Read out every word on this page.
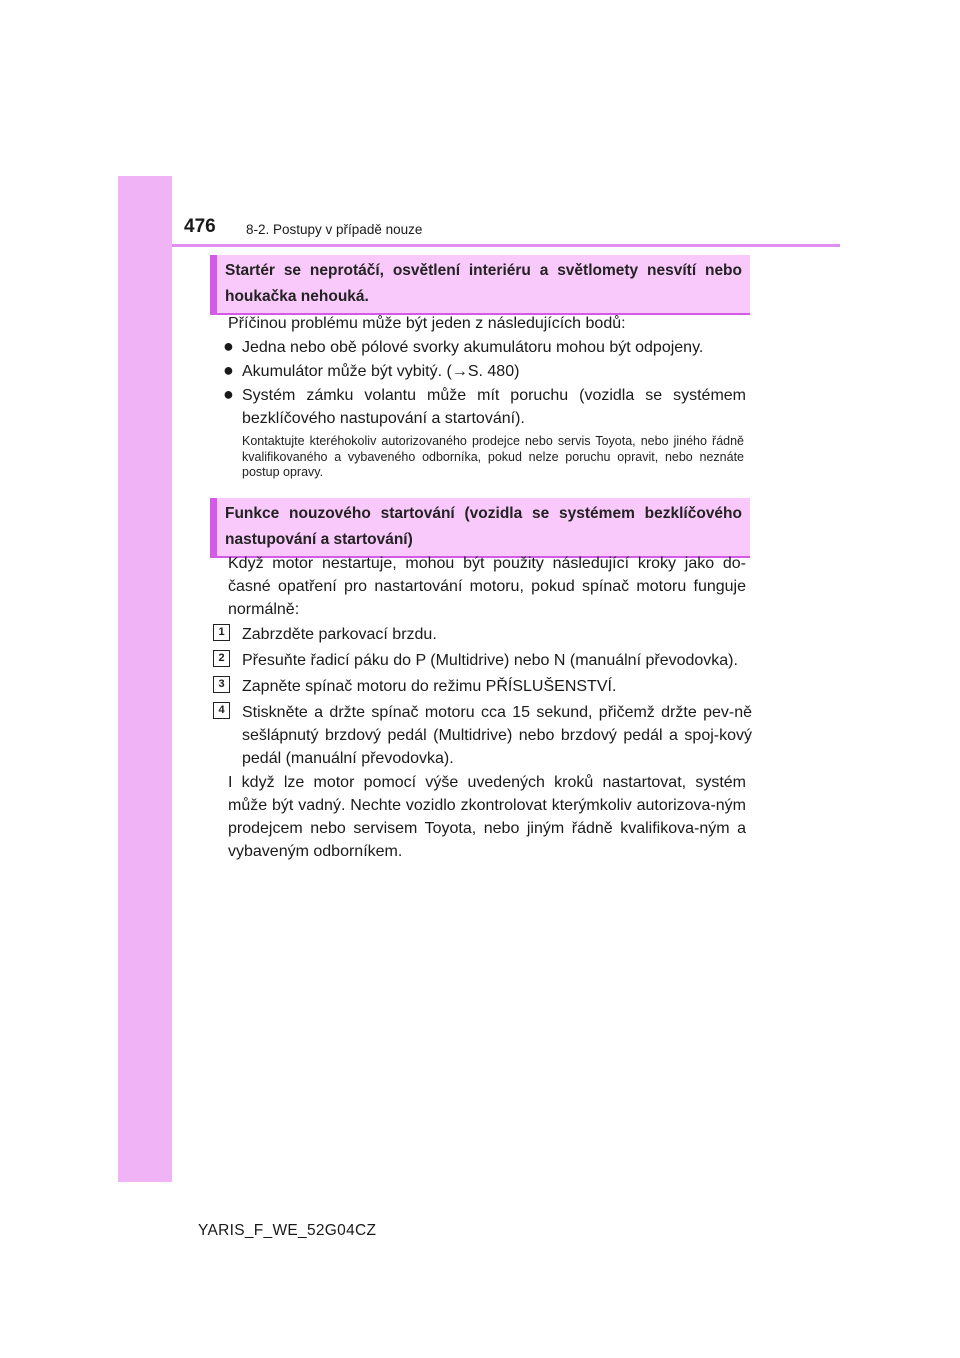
476 8-2. Postupy v případě nouze
Startér se neprotáčí, osvětlení interiéru a světlomety nesvítí nebo houkačka nehouká.
Příčinou problému může být jeden z následujících bodů:
● Jedna nebo obě pólové svorky akumulátoru mohou být odpojeny.
● Akumulátor může být vybitý. (→S. 480)
● Systém zámku volantu může mít poruchu (vozidla se systémem bezklíčového nastupování a startování).
Kontaktujte kteréhokoliv autorizovaného prodejce nebo servis Toyota, nebo jiného řádně kvalifikovaného a vybaveného odborníka, pokud nelze poruchu opravit, nebo neznáte postup opravy.
Funkce nouzového startování (vozidla se systémem bezklíčového nastupování a startování)
Když motor nestartuje, mohou být použity následující kroky jako do-časné opatření pro nastartování motoru, pokud spínač motoru funguje normálně:
1	Zabrzděte parkovací brzdu.
2	Přesuňte řadicí páku do P (Multidrive) nebo N (manuální převodovka).
3	Zapněte spínač motoru do režimu PŘÍSLUŠENSTVÍ.
4	Stiskněte a držte spínač motoru cca 15 sekund, přičemž držte pev-ně sešlápnutý brzdový pedál (Multidrive) nebo brzdový pedál a spoj-kový pedál (manuální převodovka).
I když lze motor pomocí výše uvedených kroků nastartovat, systém může být vadný. Nechte vozidlo zkontrolovat kterýmkoliv autorizova-ným prodejcem nebo servisem Toyota, nebo jiným řádně kvalifikova-ným a vybaveným odborníkem.
YARIS_F_WE_52G04CZ
